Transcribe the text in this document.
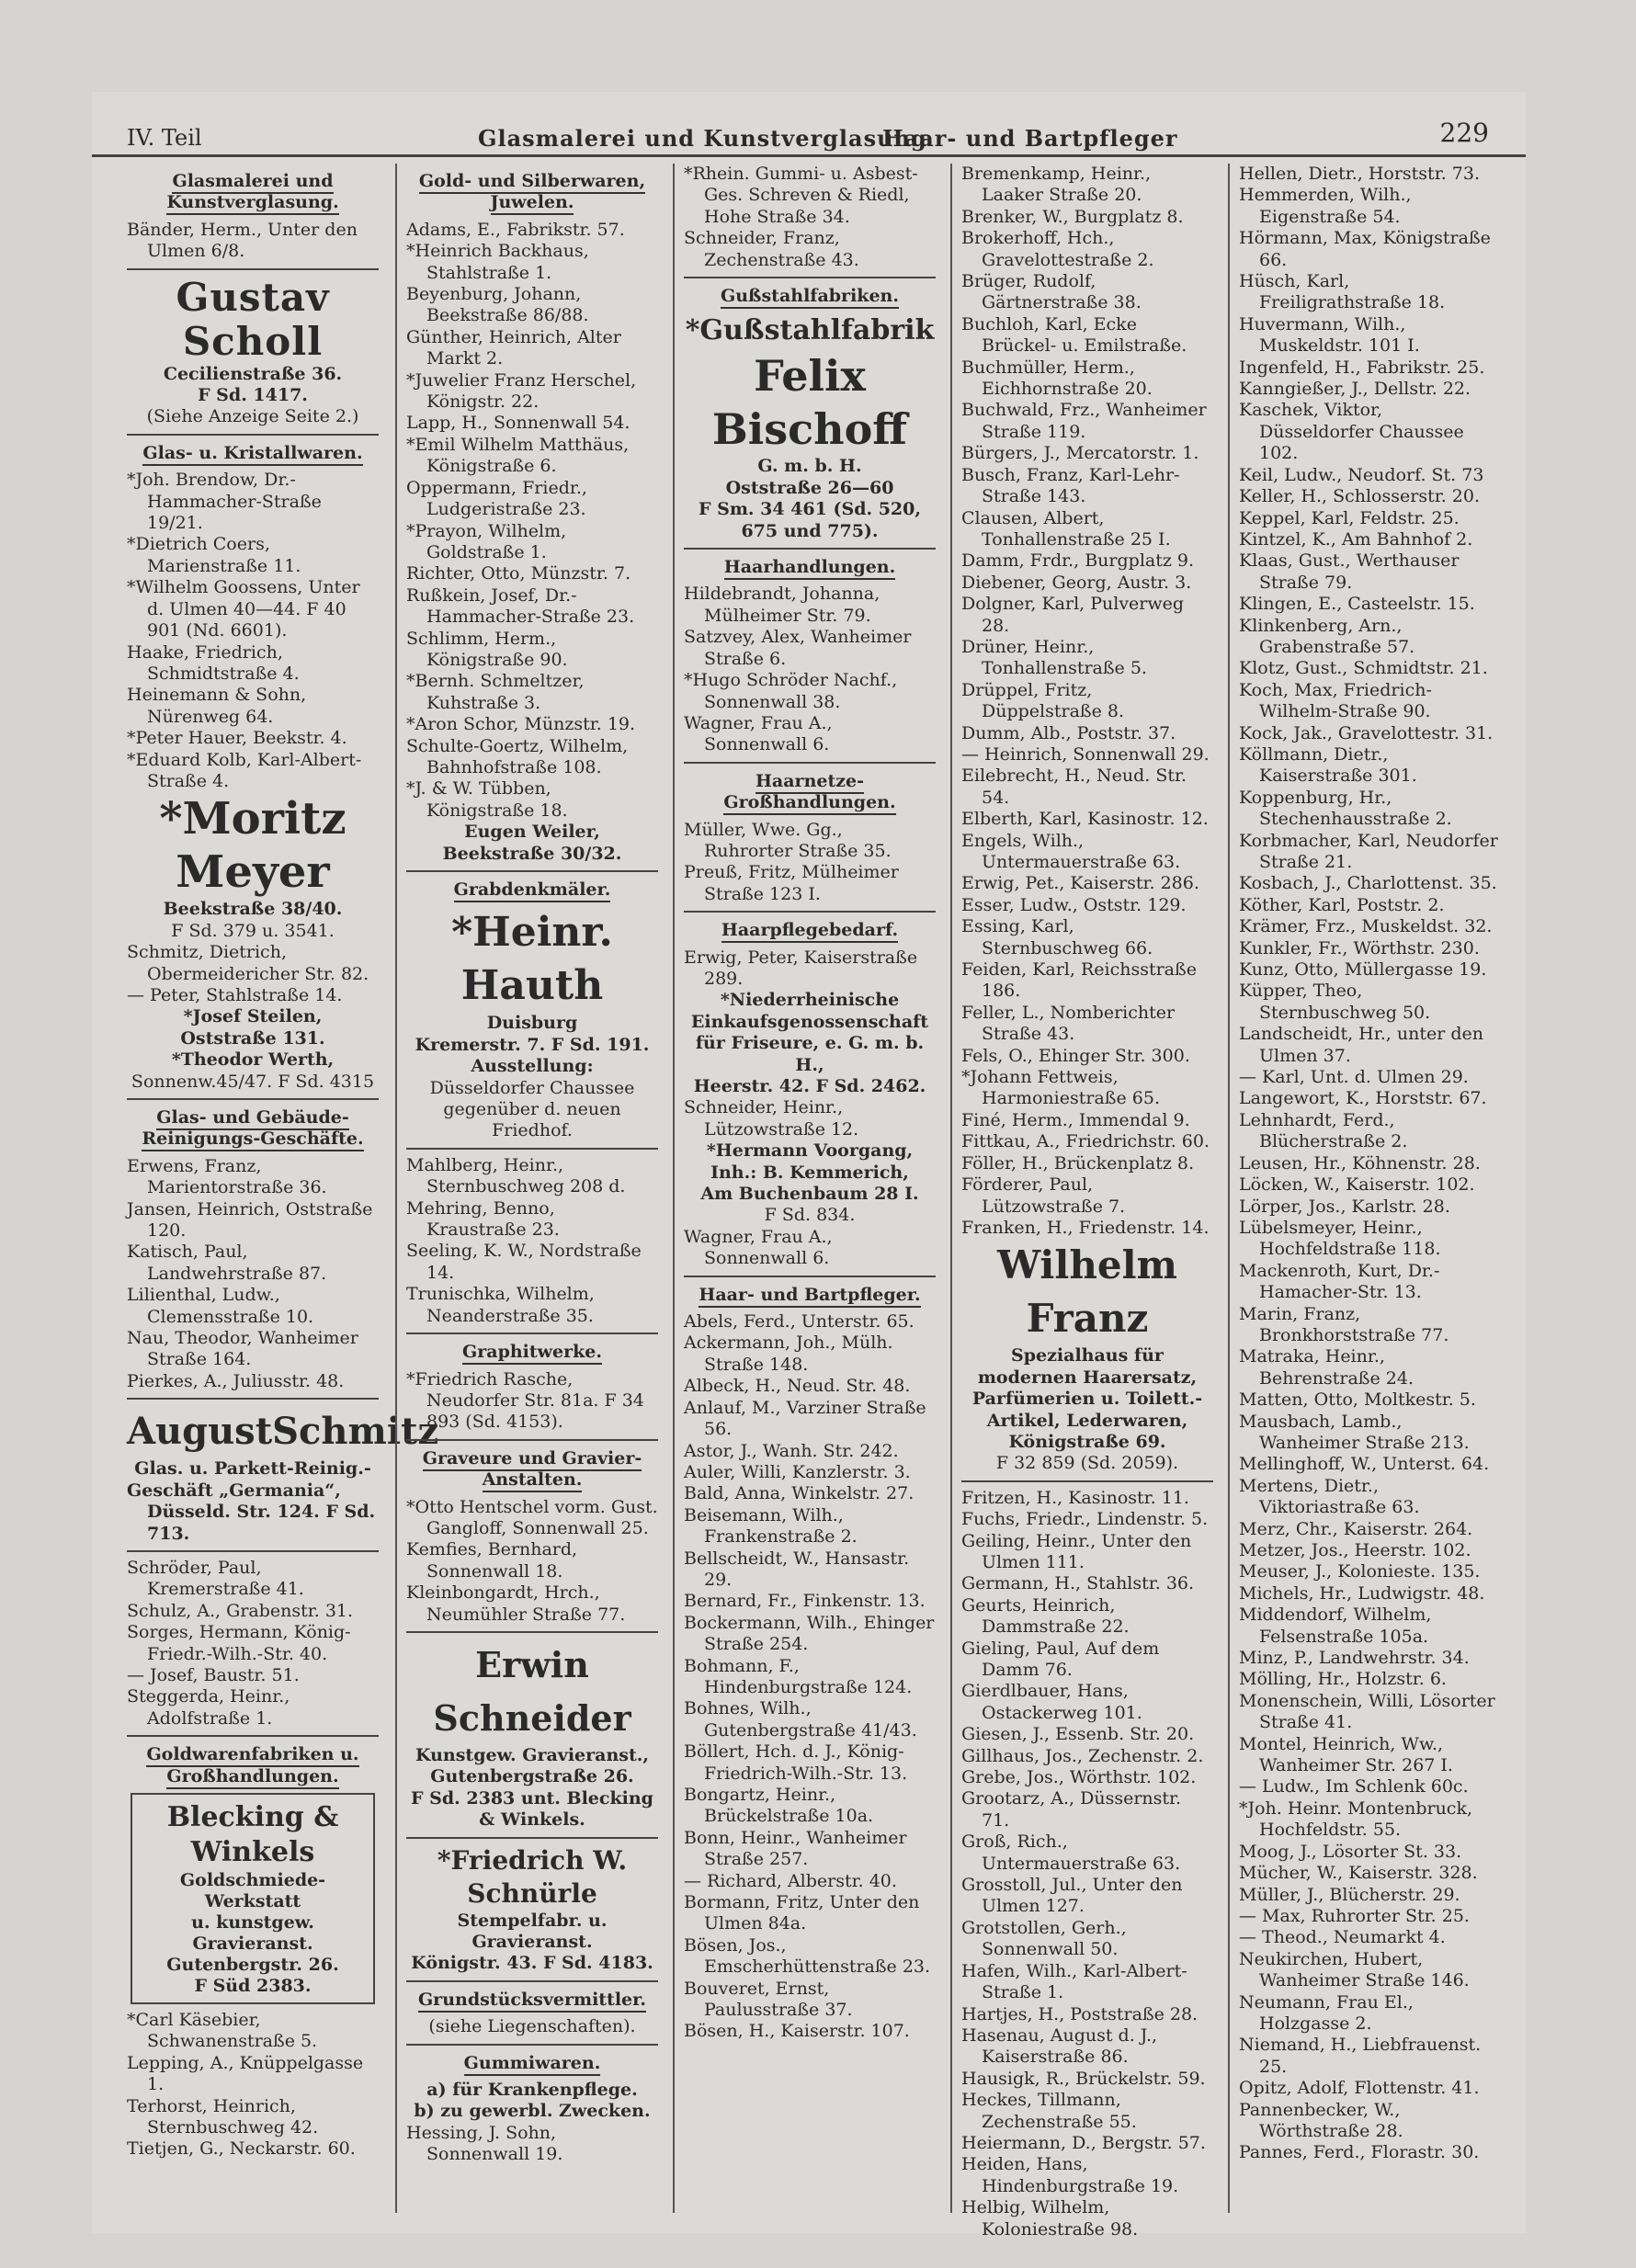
IV. Teil	Glasmalerei und Kunstverglasung
Haar- und Bartpfleger	229
Glasmalerei und Kunstverglasung.
Bänder, Herm., Unter den Ulmen 6/8.
Gustav Scholl
Cecilienstraße 36.
F Sd. 1417.
(Siehe Anzeige Seite 2.)
Glas- u. Kristallwaren.
*Joh. Brendow, Dr.-Hammacher-Straße 19/21.
*Dietrich Coers, Marienstraße 11.
*Wilhelm Goossens, Unter d. Ulmen 40—44. F 40 901 (Nd. 6601).
Haake, Friedrich, Schmidtstraße 4.
Heinemann & Sohn, Nürenweg 64.
*Peter Hauer, Beekstr. 4.
*Eduard Kolb, Karl-Albert-Straße 4.
*Moritz Meyer
Beekstraße 38/40.
F Sd. 379 u. 3541.
Schmitz, Dietrich, Obermeidericher Str. 82.
— Peter, Stahlstraße 14.
*Josef Steilen,
Oststraße 131.
*Theodor Werth,
Sonnenw.45/47. F Sd. 4315
Glas- und Gebäude-Reinigungs-Geschäfte.
Erwens, Franz, Marientorstraße 36.
Jansen, Heinrich, Oststraße 120.
Katisch, Paul, Landwehrstraße 87.
Lilienthal, Ludw., Clemensstraße 10.
Nau, Theodor, Wanheimer Straße 164.
Pierkes, A., Juliusstr. 48.
AugustSchmitz
Glas. u. Parkett-Reinig.-
Geschäft „Germania“, Düsseld. Str. 124. F Sd. 713.
Schröder, Paul, Kremerstraße 41.
Schulz, A., Grabenstr. 31.
Sorges, Hermann, König-Friedr.-Wilh.-Str. 40.
— Josef, Baustr. 51.
Steggerda, Heinr., Adolfstraße 1.
Goldwarenfabriken u. Großhandlungen.
Blecking & Winkels
Goldschmiede-Werkstatt
u. kunstgew. Gravieranst.
Gutenbergstr. 26.
F Süd 2383.
*Carl Käsebier, Schwanenstraße 5.
Lepping, A., Knüppelgasse 1.
Terhorst, Heinrich, Sternbuschweg 42.
Tietjen, G., Neckarstr. 60.
Gold- und Silberwaren, Juwelen.
Adams, E., Fabrikstr. 57.
*Heinrich Backhaus, Stahlstraße 1.
Beyenburg, Johann, Beekstraße 86/88.
Günther, Heinrich, Alter Markt 2.
*Juwelier Franz Herschel, Königstr. 22.
Lapp, H., Sonnenwall 54.
*Emil Wilhelm Matthäus, Königstraße 6.
Oppermann, Friedr., Ludgeristraße 23.
*Prayon, Wilhelm, Goldstraße 1.
Richter, Otto, Münzstr. 7.
Rußkein, Josef, Dr.-Hammacher-Straße 23.
Schlimm, Herm., Königstraße 90.
*Bernh. Schmeltzer, Kuhstraße 3.
*Aron Schor, Münzstr. 19.
Schulte-Goertz, Wilhelm, Bahnhofstraße 108.
*J. & W. Tübben, Königstraße 18.
Eugen Weiler,
Beekstraße 30/32.
Grabdenkmäler.
*Heinr. Hauth
Duisburg
Kremerstr. 7. F Sd. 191.
Ausstellung:
Düsseldorfer Chaussee gegenüber d. neuen Friedhof.
Mahlberg, Heinr., Sternbuschweg 208 d.
Mehring, Benno, Kraustraße 23.
Seeling, K. W., Nordstraße 14.
Trunischka, Wilhelm, Neanderstraße 35.
Graphitwerke.
*Friedrich Rasche, Neudorfer Str. 81a. F 34 893 (Sd. 4153).
Graveure und Gravier-Anstalten.
*Otto Hentschel vorm. Gust. Gangloff, Sonnenwall 25.
Kemfies, Bernhard, Sonnenwall 18.
Kleinbongardt, Hrch., Neumühler Straße 77.
Erwin Schneider
Kunstgew. Gravieranst.,
Gutenbergstraße 26.
F Sd. 2383 unt. Blecking & Winkels.
*Friedrich W. Schnürle
Stempelfabr. u. Gravieranst.
Königstr. 43. F Sd. 4183.
Grundstücksvermittler.
(siehe Liegenschaften).
Gummiwaren.
a) für Krankenpflege.
b) zu gewerbl. Zwecken.
Hessing, J. Sohn, Sonnenwall 19.
*Rhein. Gummi- u. Asbest-Ges. Schreven & Riedl, Hohe Straße 34.
Schneider, Franz, Zechenstraße 43.
Gußstahlfabriken.
*Gußstahlfabrik
Felix Bischoff
G. m. b. H.
Oststraße 26—60
F Sm. 34 461 (Sd. 520, 675 und 775).
Haarhandlungen.
Hildebrandt, Johanna, Mülheimer Str. 79.
Satzvey, Alex, Wanheimer Straße 6.
*Hugo Schröder Nachf., Sonnenwall 38.
Wagner, Frau A., Sonnenwall 6.
Haarnetze-Großhandlungen.
Müller, Wwe. Gg., Ruhrorter Straße 35.
Preuß, Fritz, Mülheimer Straße 123 I.
Haarpflegebedarf.
Erwig, Peter, Kaiserstraße 289.
*Niederrheinische Einkaufsgenossenschaft für Friseure, e. G. m. b. H.,
Heerstr. 42. F Sd. 2462.
Schneider, Heinr., Lützowstraße 12.
*Hermann Voorgang,
Inh.: B. Kemmerich,
Am Buchenbaum 28 I.
F Sd. 834.
Wagner, Frau A., Sonnenwall 6.
Haar- und Bartpfleger.
Abels, Ferd., Unterstr. 65.
Ackermann, Joh., Mülh. Straße 148.
Albeck, H., Neud. Str. 48.
Anlauf, M., Varziner Straße 56.
Astor, J., Wanh. Str. 242.
Auler, Willi, Kanzlerstr. 3.
Bald, Anna, Winkelstr. 27.
Beisemann, Wilh., Frankenstraße 2.
Bellscheidt, W., Hansastr. 29.
Bernard, Fr., Finkenstr. 13.
Bockermann, Wilh., Ehinger Straße 254.
Bohmann, F., Hindenburgstraße 124.
Bohnes, Wilh., Gutenbergstraße 41/43.
Böllert, Hch. d. J., König-Friedrich-Wilh.-Str. 13.
Bongartz, Heinr., Brückelstraße 10a.
Bonn, Heinr., Wanheimer Straße 257.
— Richard, Alberstr. 40.
Bormann, Fritz, Unter den Ulmen 84a.
Bösen, Jos., Emscherhüttenstraße 23.
Bouveret, Ernst, Paulusstraße 37.
Bösen, H., Kaiserstr. 107.
Bremenkamp, Heinr., Laaker Straße 20.
Brenker, W., Burgplatz 8.
Brokerhoff, Hch., Gravelottestraße 2.
Brüger, Rudolf, Gärtnerstraße 38.
Buchloh, Karl, Ecke Brückel- u. Emilstraße.
Buchmüller, Herm., Eichhornstraße 20.
Buchwald, Frz., Wanheimer Straße 119.
Bürgers, J., Mercatorstr. 1.
Busch, Franz, Karl-Lehr-Straße 143.
Clausen, Albert, Tonhallenstraße 25 I.
Damm, Frdr., Burgplatz 9.
Diebener, Georg, Austr. 3.
Dolgner, Karl, Pulverweg 28.
Drüner, Heinr., Tonhallenstraße 5.
Drüppel, Fritz, Düppelstraße 8.
Dumm, Alb., Poststr. 37.
— Heinrich, Sonnenwall 29.
Eilebrecht, H., Neud. Str. 54.
Elberth, Karl, Kasinostr. 12.
Engels, Wilh., Untermauerstraße 63.
Erwig, Pet., Kaiserstr. 286.
Esser, Ludw., Oststr. 129.
Essing, Karl, Sternbuschweg 66.
Feiden, Karl, Reichsstraße 186.
Feller, L., Nomberichter Straße 43.
Fels, O., Ehinger Str. 300.
*Johann Fettweis, Harmoniestraße 65.
Finé, Herm., Immendal 9.
Fittkau, A., Friedrichstr. 60.
Föller, H., Brückenplatz 8.
Förderer, Paul, Lützowstraße 7.
Franken, H., Friedenstr. 14.
Wilhelm Franz
Spezialhaus für modernen Haarersatz, Parfümerien u. Toilett.-Artikel, Lederwaren, Königstraße 69.
F 32 859 (Sd. 2059).
Fritzen, H., Kasinostr. 11.
Fuchs, Friedr., Lindenstr. 5.
Geiling, Heinr., Unter den Ulmen 111.
Germann, H., Stahlstr. 36.
Geurts, Heinrich, Dammstraße 22.
Gieling, Paul, Auf dem Damm 76.
Gierdlbauer, Hans, Ostackerweg 101.
Giesen, J., Essenb. Str. 20.
Gillhaus, Jos., Zechenstr. 2.
Grebe, Jos., Wörthstr. 102.
Grootarz, A., Düssernstr. 71.
Groß, Rich., Untermauerstraße 63.
Grosstoll, Jul., Unter den Ulmen 127.
Grotstollen, Gerh., Sonnenwall 50.
Hafen, Wilh., Karl-Albert-Straße 1.
Hartjes, H., Poststraße 28.
Hasenau, August d. J., Kaiserstraße 86.
Hausigk, R., Brückelstr. 59.
Heckes, Tillmann, Zechenstraße 55.
Heiermann, D., Bergstr. 57.
Heiden, Hans, Hindenburgstraße 19.
Helbig, Wilhelm, Koloniestraße 98.
Hellen, Dietr., Horststr. 73.
Hemmerden, Wilh., Eigenstraße 54.
Hörmann, Max, Königstraße 66.
Hüsch, Karl, Freiligrathstraße 18.
Huvermann, Wilh., Muskeldstr. 101 I.
Ingenfeld, H., Fabrikstr. 25.
Kanngießer, J., Dellstr. 22.
Kaschek, Viktor, Düsseldorfer Chaussee 102.
Keil, Ludw., Neudorf. St. 73
Keller, H., Schlosserstr. 20.
Keppel, Karl, Feldstr. 25.
Kintzel, K., Am Bahnhof 2.
Klaas, Gust., Werthauser Straße 79.
Klingen, E., Casteelstr. 15.
Klinkenberg, Arn., Grabenstraße 57.
Klotz, Gust., Schmidtstr. 21.
Koch, Max, Friedrich-Wilhelm-Straße 90.
Kock, Jak., Gravelottestr. 31.
Köllmann, Dietr., Kaiserstraße 301.
Koppenburg, Hr., Stechenhausstraße 2.
Korbmacher, Karl, Neudorfer Straße 21.
Kosbach, J., Charlottenst. 35.
Köther, Karl, Poststr. 2.
Krämer, Frz., Muskeldst. 32.
Kunkler, Fr., Wörthstr. 230.
Kunz, Otto, Müllergasse 19.
Küpper, Theo, Sternbuschweg 50.
Landscheidt, Hr., unter den Ulmen 37.
— Karl, Unt. d. Ulmen 29.
Langewort, K., Horststr. 67.
Lehnhardt, Ferd., Blücherstraße 2.
Leusen, Hr., Köhnenstr. 28.
Löcken, W., Kaiserstr. 102.
Lörper, Jos., Karlstr. 28.
Lübelsmeyer, Heinr., Hochfeldstraße 118.
Mackenroth, Kurt, Dr.-Hamacher-Str. 13.
Marin, Franz, Bronkhorststraße 77.
Matraka, Heinr., Behrenstraße 24.
Matten, Otto, Moltkestr. 5.
Mausbach, Lamb., Wanheimer Straße 213.
Mellinghoff, W., Unterst. 64.
Mertens, Dietr., Viktoriastraße 63.
Merz, Chr., Kaiserstr. 264.
Metzer, Jos., Heerstr. 102.
Meuser, J., Kolonieste. 135.
Michels, Hr., Ludwigstr. 48.
Middendorf, Wilhelm, Felsenstraße 105a.
Minz, P., Landwehrstr. 34.
Mölling, Hr., Holzstr. 6.
Monenschein, Willi, Lösorter Straße 41.
Montel, Heinrich, Ww., Wanheimer Str. 267 I.
— Ludw., Im Schlenk 60c.
*Joh. Heinr. Montenbruck, Hochfeldstr. 55.
Moog, J., Lösorter St. 33.
Mücher, W., Kaiserstr. 328.
Müller, J., Blücherstr. 29.
— Max, Ruhrorter Str. 25.
— Theod., Neumarkt 4.
Neukirchen, Hubert, Wanheimer Straße 146.
Neumann, Frau El., Holzgasse 2.
Niemand, H., Liebfrauenst. 25.
Opitz, Adolf, Flottenstr. 41.
Pannenbecker, W., Wörthstraße 28.
Pannes, Ferd., Florastr. 30.
